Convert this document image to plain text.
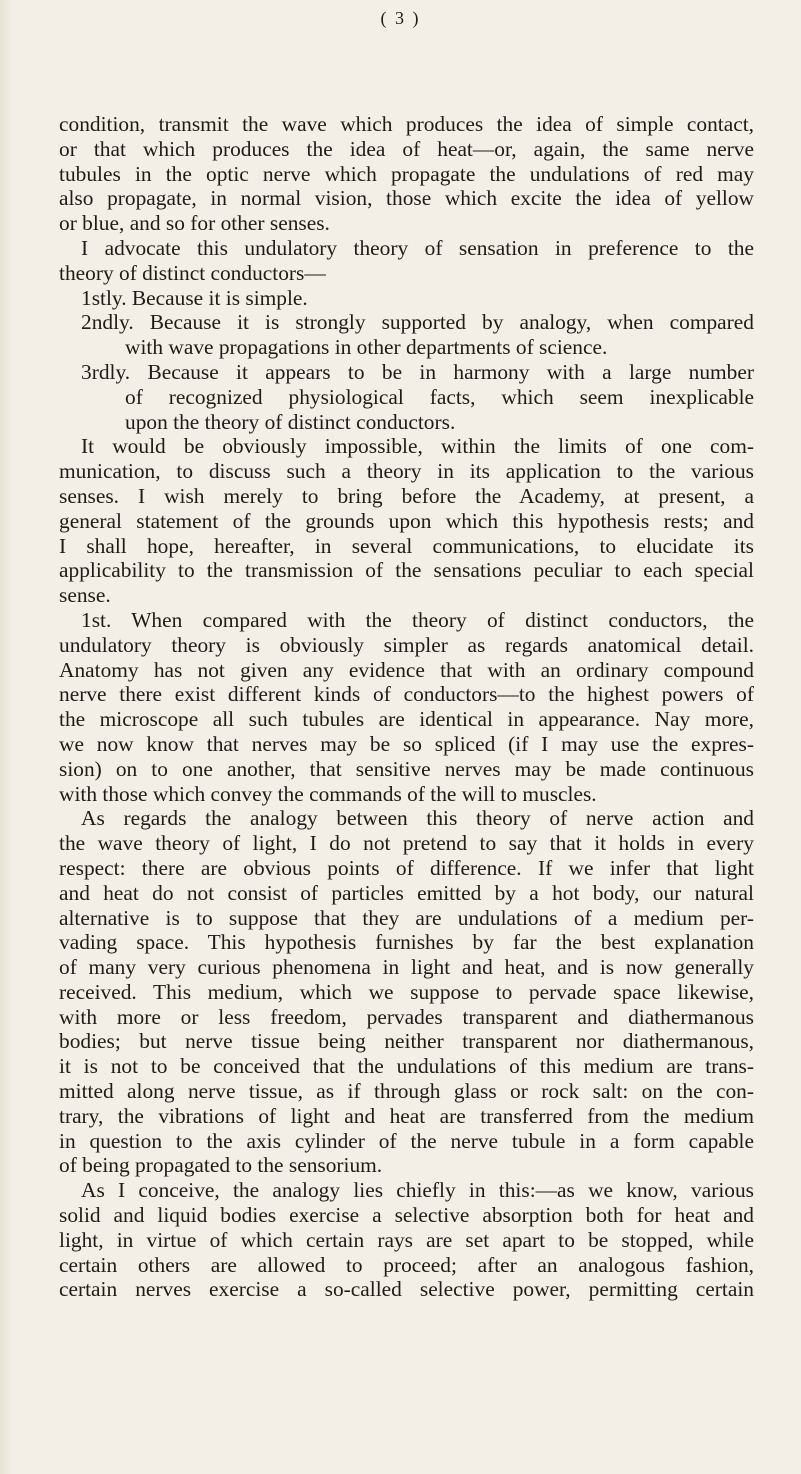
( 3 )
condition, transmit the wave which produces the idea of simple contact,
or that which produces the idea of heat—or, again, the same nerve
tubules in the optic nerve which propagate the undulations of red may
also propagate, in normal vision, those which excite the idea of yellow
or blue, and so for other senses.
I advocate this undulatory theory of sensation in preference to the
theory of distinct conductors—
1stly. Because it is simple.
2ndly. Because it is strongly supported by analogy, when compared
with wave propagations in other departments of science.
3rdly. Because it appears to be in harmony with a large number
of recognized physiological facts, which seem inexplicable
upon the theory of distinct conductors.
It would be obviously impossible, within the limits of one com-
munication, to discuss such a theory in its application to the various
senses. I wish merely to bring before the Academy, at present, a
general statement of the grounds upon which this hypothesis rests; and
I shall hope, hereafter, in several communications, to elucidate its
applicability to the transmission of the sensations peculiar to each special
sense.
1st. When compared with the theory of distinct conductors, the
undulatory theory is obviously simpler as regards anatomical detail.
Anatomy has not given any evidence that with an ordinary compound
nerve there exist different kinds of conductors—to the highest powers of
the microscope all such tubules are identical in appearance. Nay more,
we now know that nerves may be so spliced (if I may use the expres-
sion) on to one another, that sensitive nerves may be made continuous
with those which convey the commands of the will to muscles.
As regards the analogy between this theory of nerve action and
the wave theory of light, I do not pretend to say that it holds in every
respect: there are obvious points of difference. If we infer that light
and heat do not consist of particles emitted by a hot body, our natural
alternative is to suppose that they are undulations of a medium per-
vading space. This hypothesis furnishes by far the best explanation
of many very curious phenomena in light and heat, and is now generally
received. This medium, which we suppose to pervade space likewise,
with more or less freedom, pervades transparent and diathermanous
bodies; but nerve tissue being neither transparent nor diathermanous,
it is not to be conceived that the undulations of this medium are trans-
mitted along nerve tissue, as if through glass or rock salt: on the con-
trary, the vibrations of light and heat are transferred from the medium
in question to the axis cylinder of the nerve tubule in a form capable
of being propagated to the sensorium.
As I conceive, the analogy lies chiefly in this:—as we know, various
solid and liquid bodies exercise a selective absorption both for heat and
light, in virtue of which certain rays are set apart to be stopped, while
certain others are allowed to proceed; after an analogous fashion,
certain nerves exercise a so-called selective power, permitting certain
